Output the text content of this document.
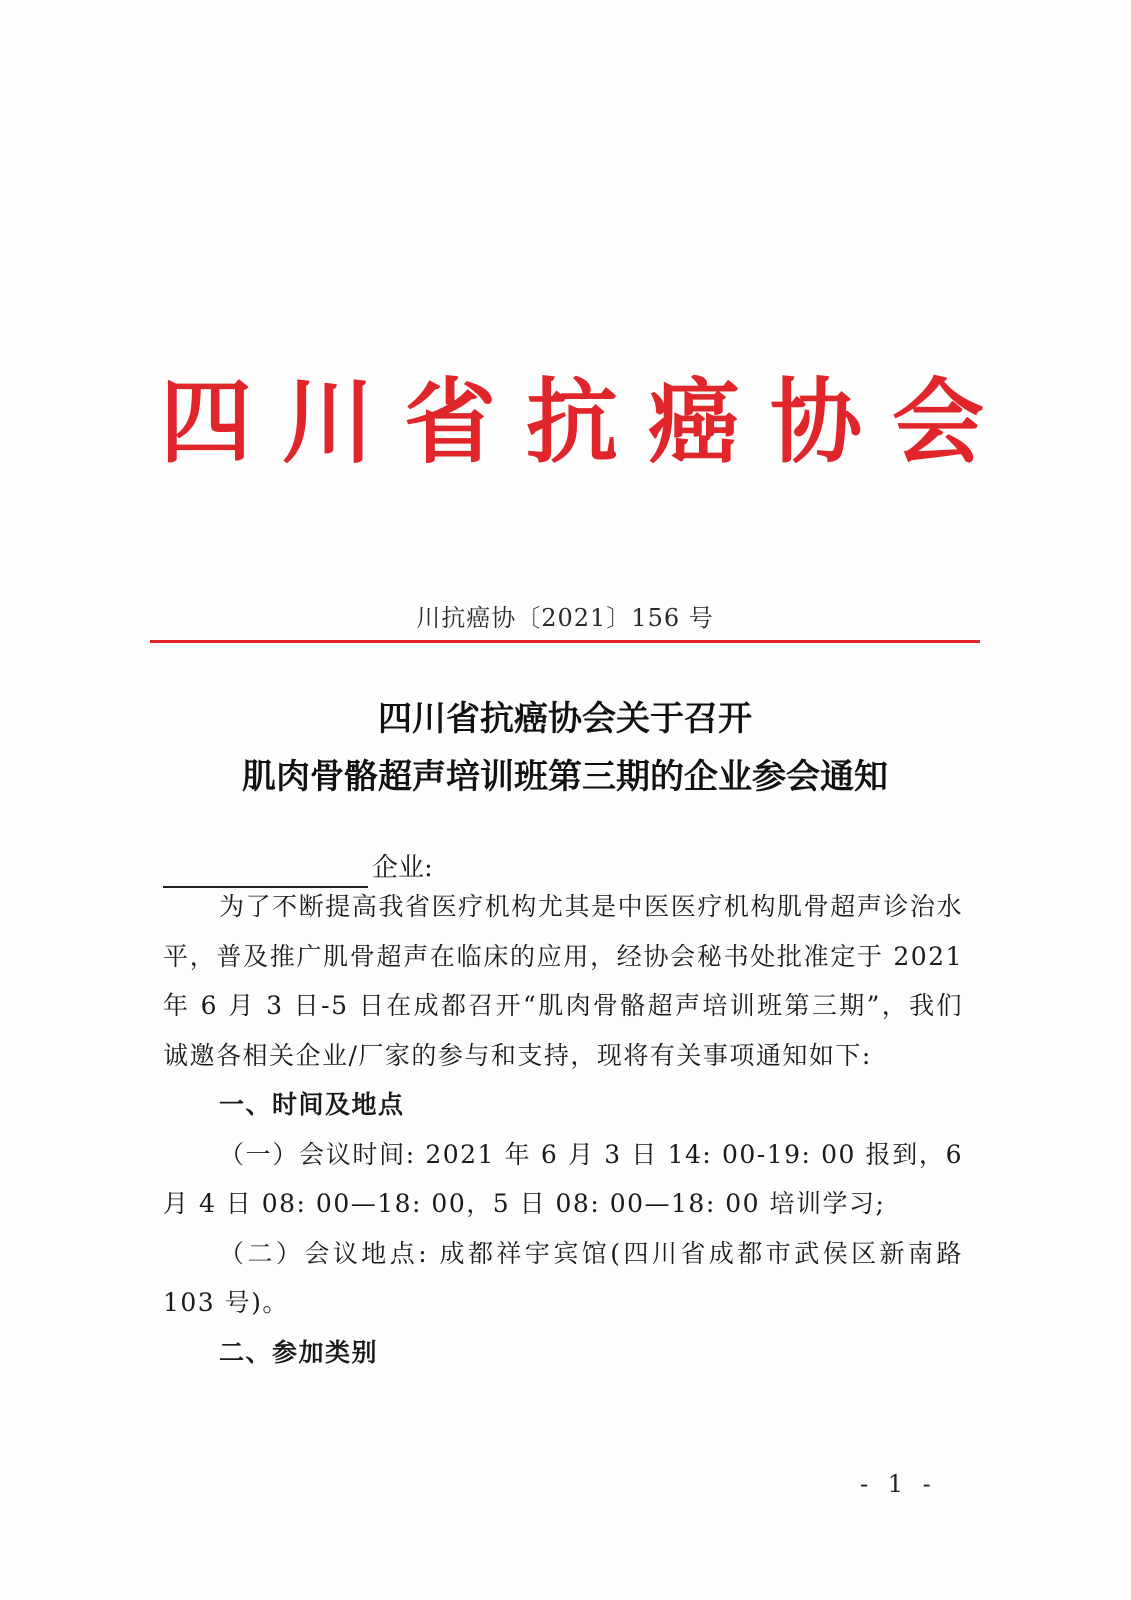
四川省抗癌协会
川抗癌协〔2021〕156 号
四川省抗癌协会关于召开
肌肉骨骼超声培训班第三期的企业参会通知
企业:

为了不断提高我省医疗机构尤其是中医医疗机构肌骨超声诊治水平，普及推广肌骨超声在临床的应用，经协会秘书处批准定于 2021 年 6 月 3 日-5 日在成都召开“肌肉骨骼超声培训班第三期”，我们诚邀各相关企业/厂家的参与和支持，现将有关事项通知如下:

一、时间及地点

（一）会议时间: 2021 年 6 月 3 日 14: 00-19: 00 报到，6 月 4 日 08: 00—18: 00，5 日 08: 00—18: 00 培训学习;

（二）会议地点: 成都祥宇宾馆(四川省成都市武侯区新南路 103 号)。

二、参加类别

- 1 -
